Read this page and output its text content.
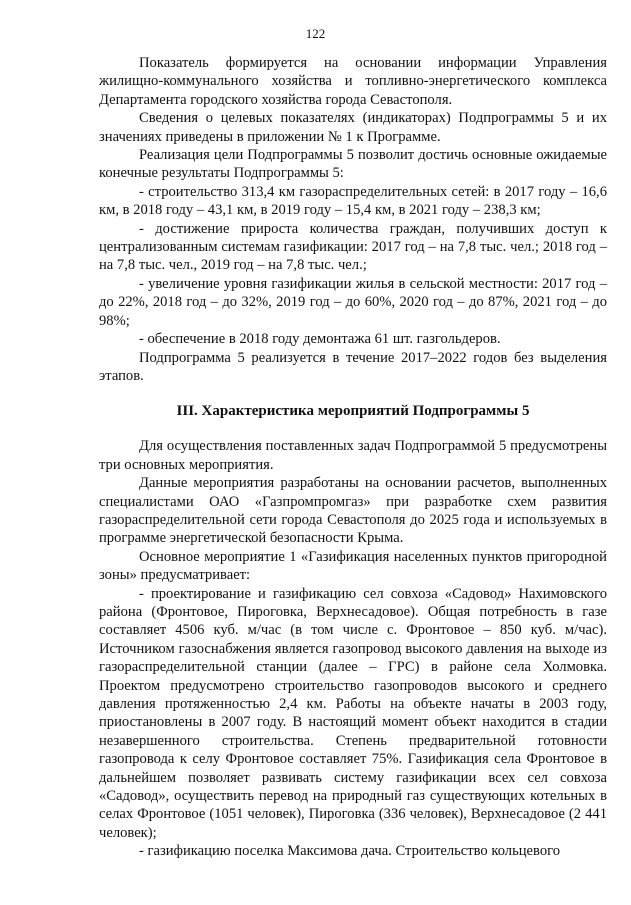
122

Показатель формируется на основании информации Управления жилищно-коммунального хозяйства и топливно-энергетического комплекса Департамента городского хозяйства города Севастополя.

Сведения о целевых показателях (индикаторах) Подпрограммы 5 и их значениях приведены в приложении № 1 к Программе.

Реализация цели Подпрограммы 5 позволит достичь основные ожидаемые конечные результаты Подпрограммы 5:

- строительство 313,4 км газораспределительных сетей: в 2017 году – 16,6 км, в 2018 году – 43,1 км, в 2019 году – 15,4 км, в 2021 году – 238,3 км;

- достижение прироста количества граждан, получивших доступ к централизованным системам газификации: 2017 год – на 7,8 тыс. чел.; 2018 год – на 7,8 тыс. чел., 2019 год – на 7,8 тыс. чел.;

- увеличение уровня газификации жилья в сельской местности: 2017 год – до 22%, 2018 год – до 32%, 2019 год – до 60%, 2020 год – до 87%, 2021 год – до 98%;

- обеспечение в 2018 году демонтажа 61 шт. газгольдеров.

Подпрограмма 5 реализуется в течение 2017–2022 годов без выделения этапов.

III. Характеристика мероприятий Подпрограммы 5

Для осуществления поставленных задач Подпрограммой 5 предусмотрены три основных мероприятия.

Данные мероприятия разработаны на основании расчетов, выполненных специалистами ОАО «Газпромпромгаз» при разработке схем развития газораспределительной сети города Севастополя до 2025 года и используемых в программе энергетической безопасности Крыма.

Основное мероприятие 1 «Газификация населенных пунктов пригородной зоны» предусматривает:

- проектирование и газификацию сел совхоза «Садовод» Нахимовского района (Фронтовое, Пироговка, Верхнесадовое). Общая потребность в газе составляет 4506 куб. м/час (в том числе с. Фронтовое – 850 куб. м/час). Источником газоснабжения является газопровод высокого давления на выходе из газораспределительной станции (далее – ГРС) в районе села Холмовка. Проектом предусмотрено строительство газопроводов высокого и среднего давления протяженностью 2,4 км. Работы на объекте начаты в 2003 году, приостановлены в 2007 году. В настоящий момент объект находится в стадии незавершенного строительства. Степень предварительной готовности газопровода к селу Фронтовое составляет 75%. Газификация села Фронтовое в дальнейшем позволяет развивать систему газификации всех сел совхоза «Садовод», осуществить перевод на природный газ существующих котельных в селах Фронтовое (1051 человек), Пироговка (336 человек), Верхнесадовое (2 441 человек);

- газификацию поселка Максимова дача. Строительство кольцевого
